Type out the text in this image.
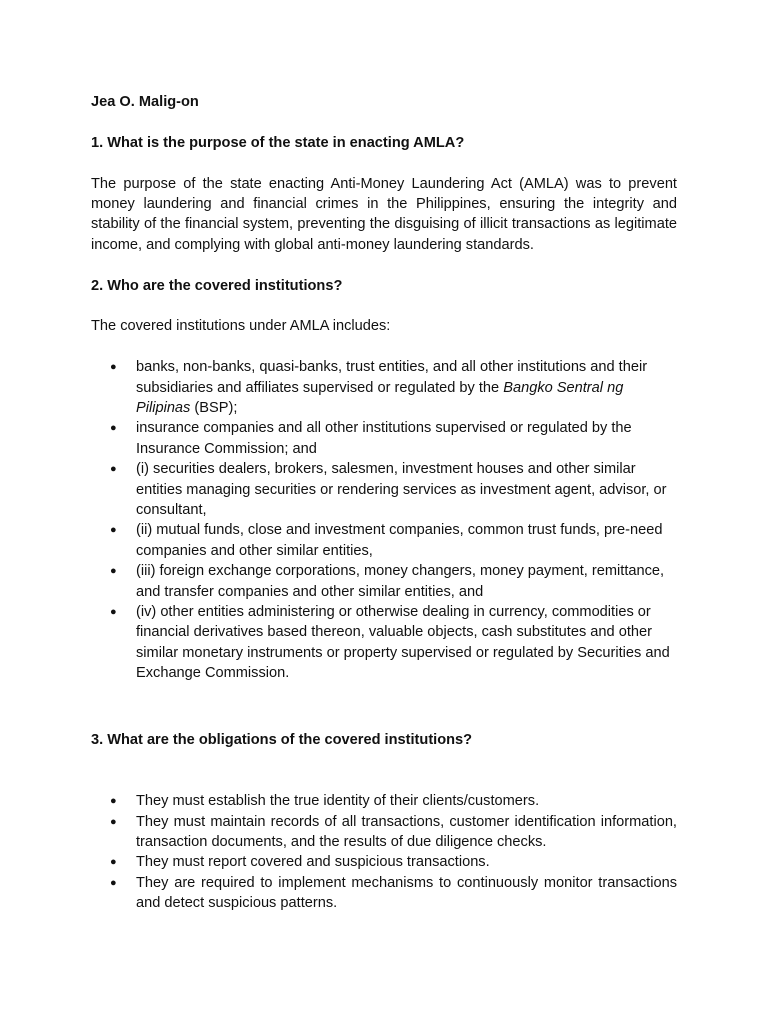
Jea O. Malig-on

1. What is the purpose of the state in enacting AMLA?

The purpose of the state enacting Anti-Money Laundering Act (AMLA) was to prevent money laundering and financial crimes in the Philippines, ensuring the integrity and stability of the financial system, preventing the disguising of illicit transactions as legitimate income, and complying with global anti-money laundering standards.

2. Who are the covered institutions?

The covered institutions under AMLA includes:

● banks, non-banks, quasi-banks, trust entities, and all other institutions and their subsidiaries and affiliates supervised or regulated by the Bangko Sentral ng Pilipinas (BSP);
● insurance companies and all other institutions supervised or regulated by the Insurance Commission; and
● (i) securities dealers, brokers, salesmen, investment houses and other similar entities managing securities or rendering services as investment agent, advisor, or consultant,
● (ii) mutual funds, close and investment companies, common trust funds, pre-need companies and other similar entities,
● (iii) foreign exchange corporations, money changers, money payment, remittance, and transfer companies and other similar entities, and
● (iv) other entities administering or otherwise dealing in currency, commodities or financial derivatives based thereon, valuable objects, cash substitutes and other similar monetary instruments or property supervised or regulated by Securities and Exchange Commission.

3. What are the obligations of the covered institutions?

● They must establish the true identity of their clients/customers.
● They must maintain records of all transactions, customer identification information, transaction documents, and the results of due diligence checks.
● They must report covered and suspicious transactions.
● They are required to implement mechanisms to continuously monitor transactions and detect suspicious patterns.
